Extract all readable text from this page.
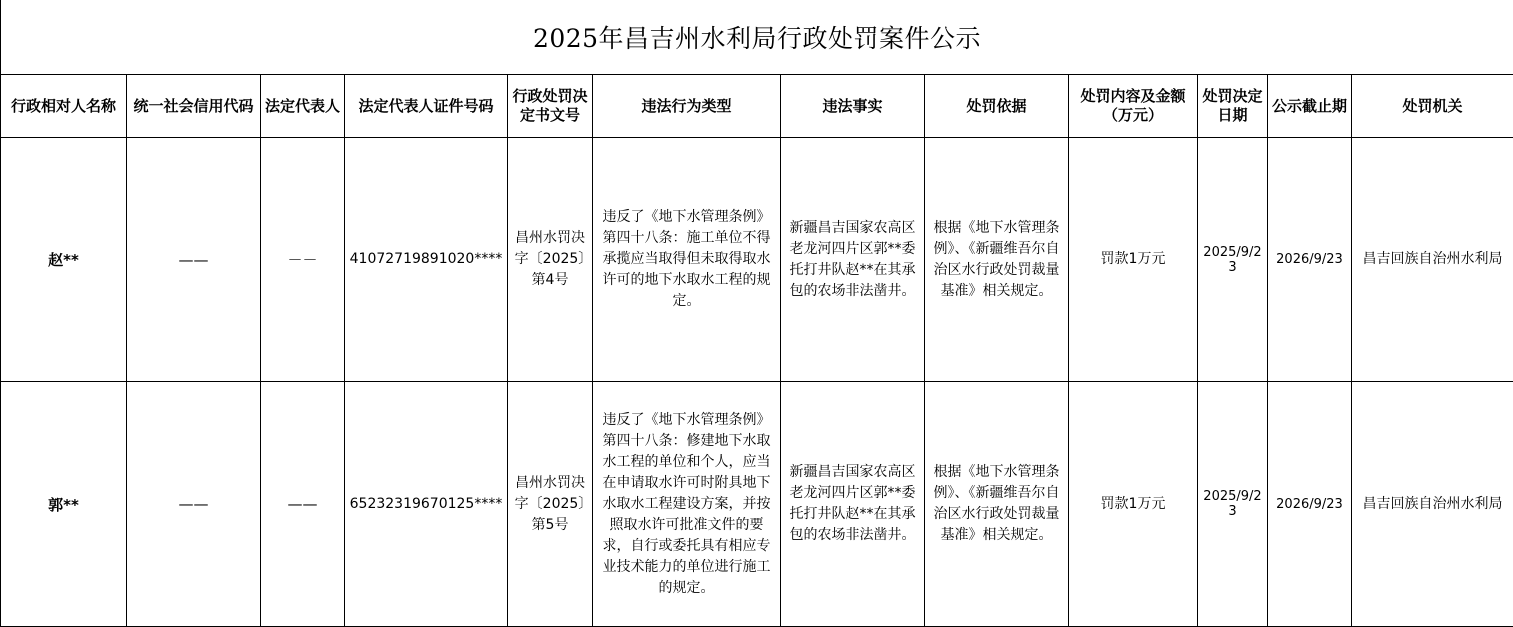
2025年昌吉州水利局行政处罚案件公示
行政相对人名称	统一社会信用代码	法定代表人	法定代表人证件号码	行政处罚决定书文号	违法行为类型	违法事实	处罚依据	处罚内容及金额（万元）	处罚决定日期	公示截止期	处罚机关
赵**	——	－－	41072719891020****	昌州水罚决字〔2025〕第4号	违反了《地下水管理条例》第四十八条：施工单位不得承揽应当取得但未取得取水许可的地下水取水工程的规定。	新疆昌吉国家农高区老龙河四片区郭**委托打井队赵**在其承包的农场非法凿井。	根据《地下水管理条例》、《新疆维吾尔自治区水行政处罚裁量基准》相关规定。	罚款1万元	2025/9/23	2026/9/23	昌吉回族自治州水利局
郭**	——	——	65232319670125****	昌州水罚决字〔2025〕第5号	违反了《地下水管理条例》第四十八条：修建地下水取水工程的单位和个人，应当在申请取水许可时附具地下水取水工程建设方案，并按照取水许可批准文件的要求，自行或委托具有相应专业技术能力的单位进行施工的规定。	新疆昌吉国家农高区老龙河四片区郭**委托打井队赵**在其承包的农场非法凿井。	根据《地下水管理条例》、《新疆维吾尔自治区水行政处罚裁量基准》相关规定。	罚款1万元	2025/9/23	2026/9/23	昌吉回族自治州水利局
